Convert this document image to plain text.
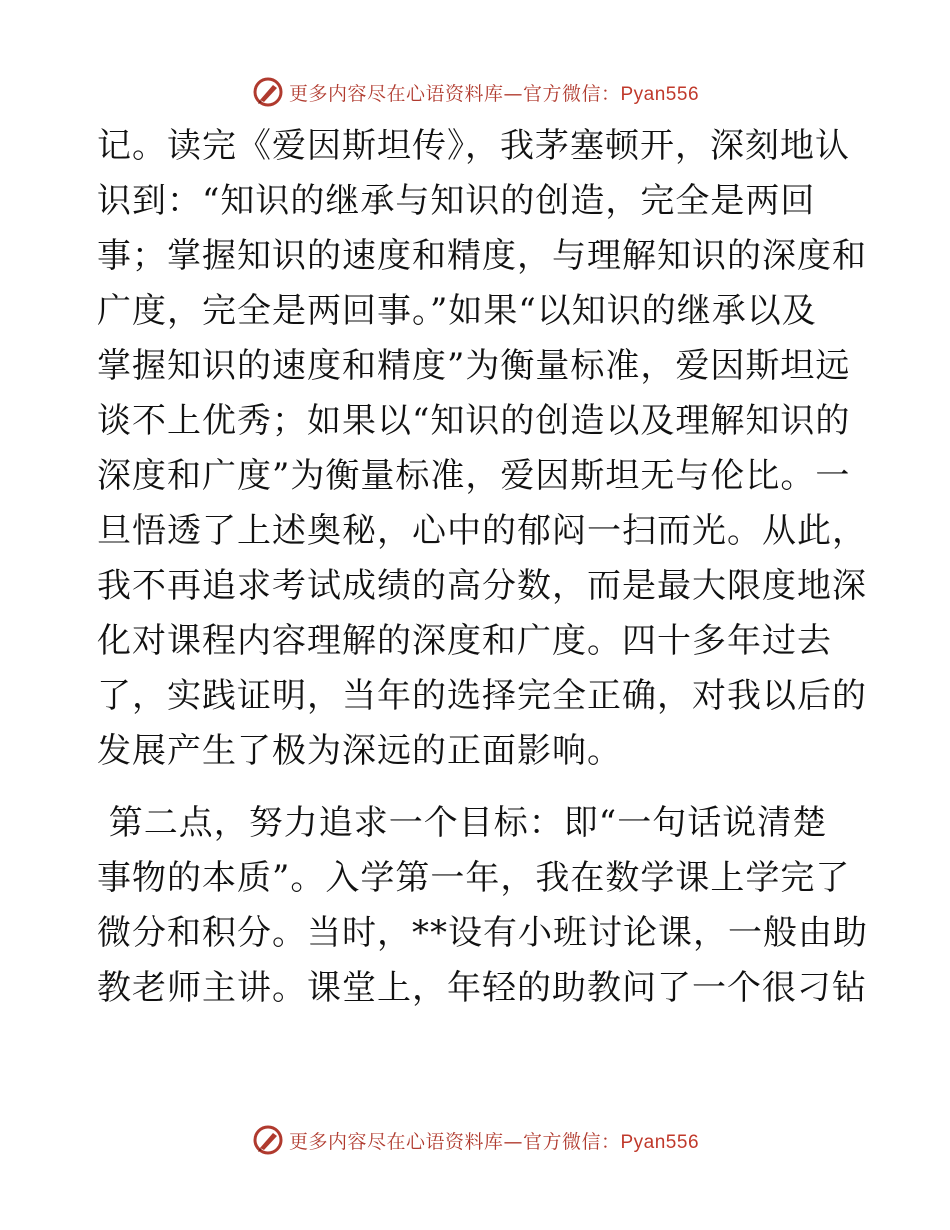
更多内容尽在心语资料库—官方微信：Pyan556
记。读完《爱因斯坦传》，我茅塞顿开，深刻地认
识到：“知识的继承与知识的创造，完全是两回
事；掌握知识的速度和精度，与理解知识的深度和
广度，完全是两回事。”如果“以知识的继承以及
掌握知识的速度和精度”为衡量标准，爱因斯坦远
谈不上优秀；如果以“知识的创造以及理解知识的
深度和广度”为衡量标准，爱因斯坦无与伦比。一
旦悟透了上述奥秘，心中的郁闷一扫而光。从此，
我不再追求考试成绩的高分数，而是最大限度地深
化对课程内容理解的深度和广度。四十多年过去
了，实践证明，当年的选择完全正确，对我以后的
发展产生了极为深远的正面影响。
第二点，努力追求一个目标：即“一句话说清楚
事物的本质”。入学第一年，我在数学课上学完了
微分和积分。当时，**设有小班讨论课，一般由助
教老师主讲。课堂上，年轻的助教问了一个很刁钻
更多内容尽在心语资料库—官方微信：Pyan556
